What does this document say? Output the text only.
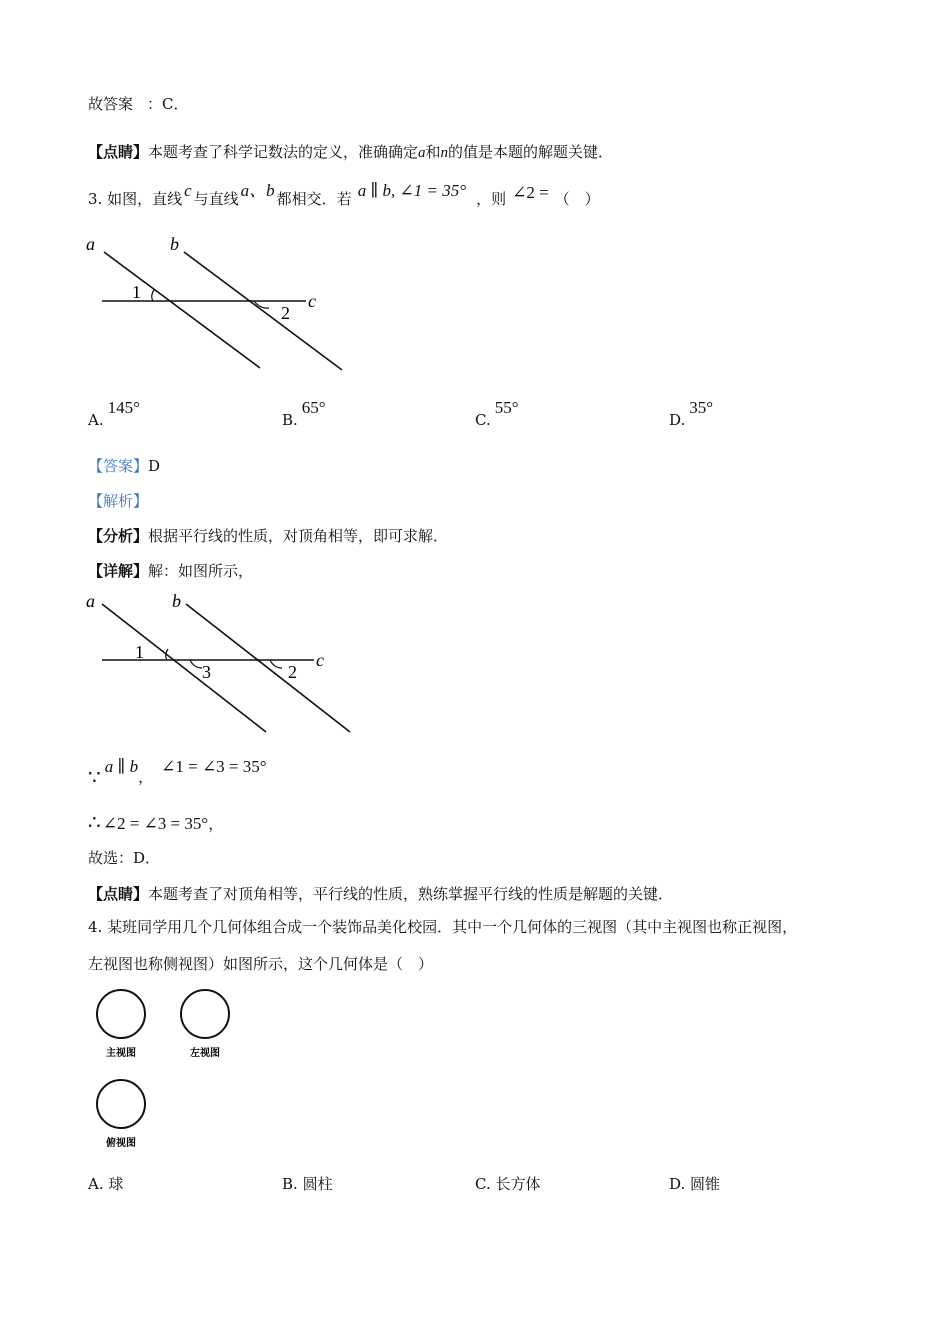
故答案 ：C．
【点睛】本题考查了科学记数法的定义，准确确定a和n的值是本题的解题关键．
3. 如图，直线 c 与直线 a、b 都相交．若 a ∥ b, ∠1 = 35° ，则 ∠2 = （　）
a	b
c
1
2
A.145°
B.65°
C.55°
D.35°
【答案】D
【解析】
【分析】根据平行线的性质，对顶角相等，即可求解．
【详解】解：如图所示，
a	b
c
1
3	2
∵ a ∥ b，∠1 = ∠3 = 35°
∴ ∠2 = ∠3 = 35°，
故选：D．
【点睛】本题考查了对顶角相等，平行线的性质，熟练掌握平行线的性质是解题的关键．
4. 某班同学用几个几何体组合成一个装饰品美化校园．其中一个几何体的三视图（其中主视图也称正视图，
左视图也称侧视图）如图所示，这个几何体是（　）
主视图	左视图
俯视图
A. 球	B. 圆柱	C. 长方体	D. 圆锥
